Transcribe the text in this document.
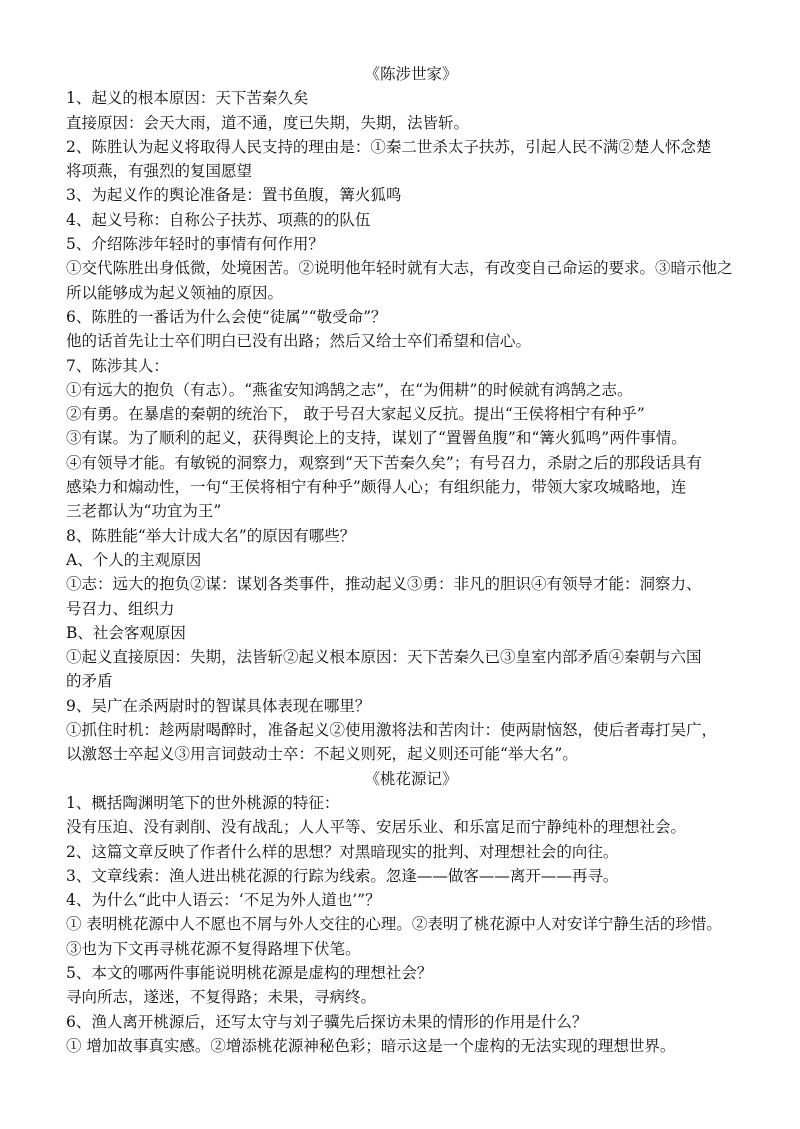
《陈涉世家》
1、起义的根本原因：天下苦秦久矣
直接原因：会天大雨，道不通，度已失期，失期，法皆斩。
2、陈胜认为起义将取得人民支持的理由是：①秦二世杀太子扶苏，引起人民不满②楚人怀念楚
将项燕，有强烈的复国愿望
3、为起义作的舆论准备是：置书鱼腹，篝火狐鸣
4、起义号称：自称公子扶苏、项燕的的队伍
5、介绍陈涉年轻时的事情有何作用？
①交代陈胜出身低微，处境困苦。②说明他年轻时就有大志，有改变自己命运的要求。③暗示他之
所以能够成为起义领袖的原因。
6、陈胜的一番话为什么会使“徒属”“敬受命”？
他的话首先让士卒们明白已没有出路；然后又给士卒们希望和信心。
7、陈涉其人：
①有远大的抱负（有志）。“燕雀安知鸿鹄之志”，在“为佣耕”的时候就有鸿鹄之志。
②有勇。在暴虐的秦朝的统治下， 敢于号召大家起义反抗。提出“王侯将相宁有种乎”
③有谋。为了顺利的起义，获得舆论上的支持，谋划了“置罾鱼腹”和“篝火狐鸣”两件事情。
④有领导才能。有敏锐的洞察力，观察到“天下苦秦久矣”；有号召力，杀尉之后的那段话具有
感染力和煽动性，一句“王侯将相宁有种乎”颇得人心；有组织能力，带领大家攻城略地，连
三老都认为“功宜为王”
8、陈胜能“举大计成大名”的原因有哪些？
A、个人的主观原因
①志：远大的抱负②谋：谋划各类事件，推动起义③勇：非凡的胆识④有领导才能：洞察力、
号召力、组织力
B、社会客观原因
①起义直接原因：失期，法皆斩②起义根本原因：天下苦秦久已③皇室内部矛盾④秦朝与六国
的矛盾
9、吴广在杀两尉时的智谋具体表现在哪里？
①抓住时机：趁两尉喝醉时，准备起义②使用激将法和苦肉计：使两尉恼怒，使后者毒打吴广，
以激怒士卒起义③用言词鼓动士卒：不起义则死，起义则还可能“举大名”。
《桃花源记》
1、概括陶渊明笔下的世外桃源的特征：
没有压迫、没有剥削、没有战乱；人人平等、安居乐业、和乐富足而宁静纯朴的理想社会。
2、这篇文章反映了作者什么样的思想？对黑暗现实的批判、对理想社会的向往。
3、文章线索：渔人进出桃花源的行踪为线索。忽逢——做客——离开——再寻。
4、为什么“此中人语云：‘不足为外人道也’”？
① 表明桃花源中人不愿也不屑与外人交往的心理。②表明了桃花源中人对安详宁静生活的珍惜。
③也为下文再寻桃花源不复得路埋下伏笔。
5、本文的哪两件事能说明桃花源是虚构的理想社会？
寻向所志，遂迷，不复得路；未果，寻病终。
6、渔人离开桃源后，还写太守与刘子骥先后探访未果的情形的作用是什么？
① 增加故事真实感。②增添桃花源神秘色彩；暗示这是一个虚构的无法实现的理想世界。
